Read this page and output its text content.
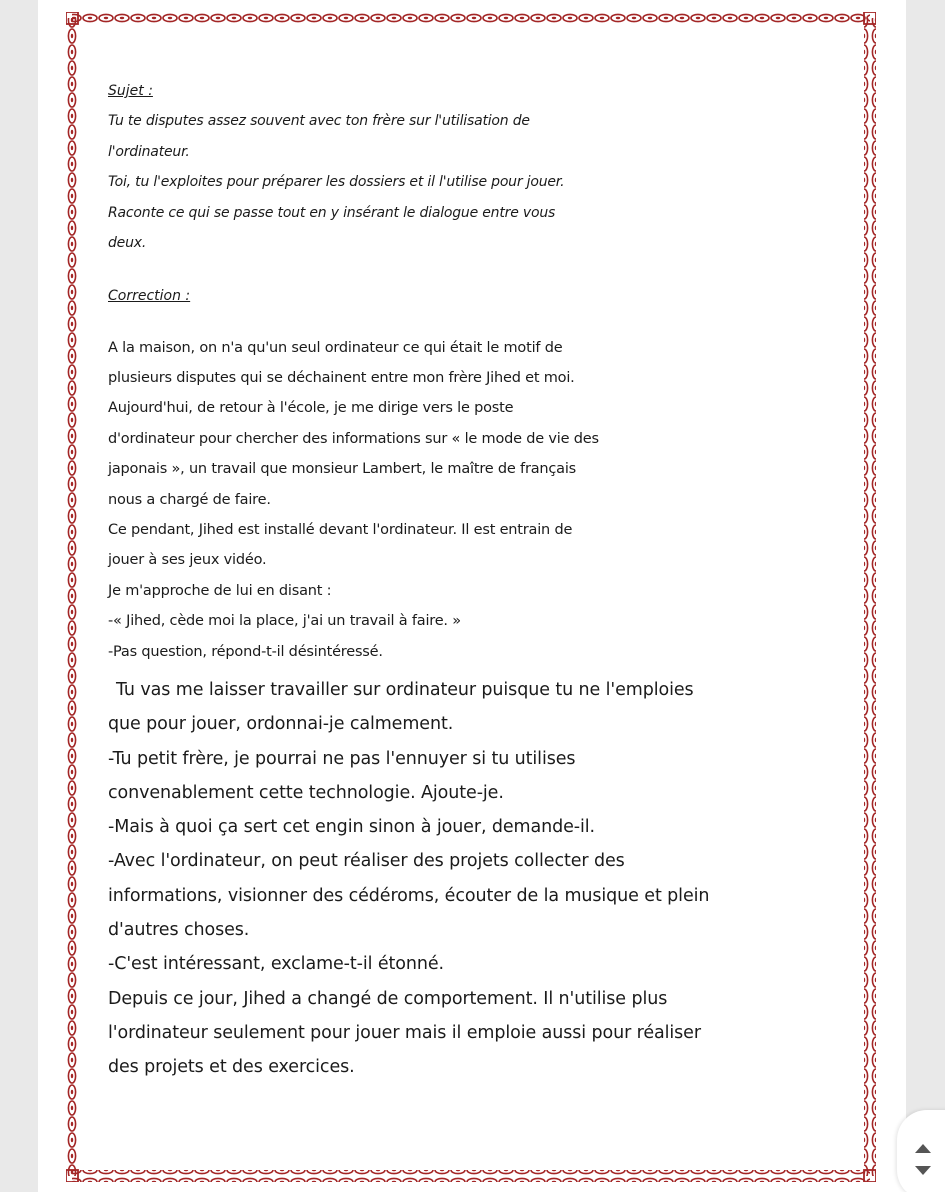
Sujet :

Tu te disputes assez souvent avec ton frère sur l'utilisation de

l'ordinateur.

Toi, tu l'exploites pour préparer les dossiers et il l'utilise pour jouer.

Raconte ce qui se passe tout en y insérant le dialogue entre vous

deux.

Correction :

A la maison, on n'a qu'un seul ordinateur ce qui était le motif de

plusieurs disputes qui se déchainent entre mon frère Jihed et moi.

Aujourd'hui, de retour à l'école, je me dirige vers le poste

d'ordinateur pour chercher des informations sur « le mode de vie des

japonais », un travail que monsieur Lambert, le maître de français

nous a chargé de faire.

Ce pendant, Jihed est installé devant l'ordinateur. Il est entrain de

jouer à ses jeux vidéo.

Je m'approche de lui en disant :

-« Jihed, cède moi la place, j'ai un travail à faire. »

-Pas question, répond-t-il désintéressé.

Tu vas me laisser travailler sur ordinateur puisque tu ne l'emploies

que pour jouer, ordonnai-je calmement.

-Tu petit frère, je pourrai ne pas l'ennuyer si tu utilises

convenablement cette technologie. Ajoute-je.

-Mais à quoi ça sert cet engin sinon à jouer, demande-il.

-Avec l'ordinateur, on peut réaliser des projets collecter des

informations, visionner des cédéroms, écouter de la musique et plein

d'autres choses.

-C'est intéressant, exclame-t-il étonné.

Depuis ce jour, Jihed a changé de comportement. Il n'utilise plus

l'ordinateur seulement pour jouer mais il emploie aussi pour réaliser

des projets et des exercices.
